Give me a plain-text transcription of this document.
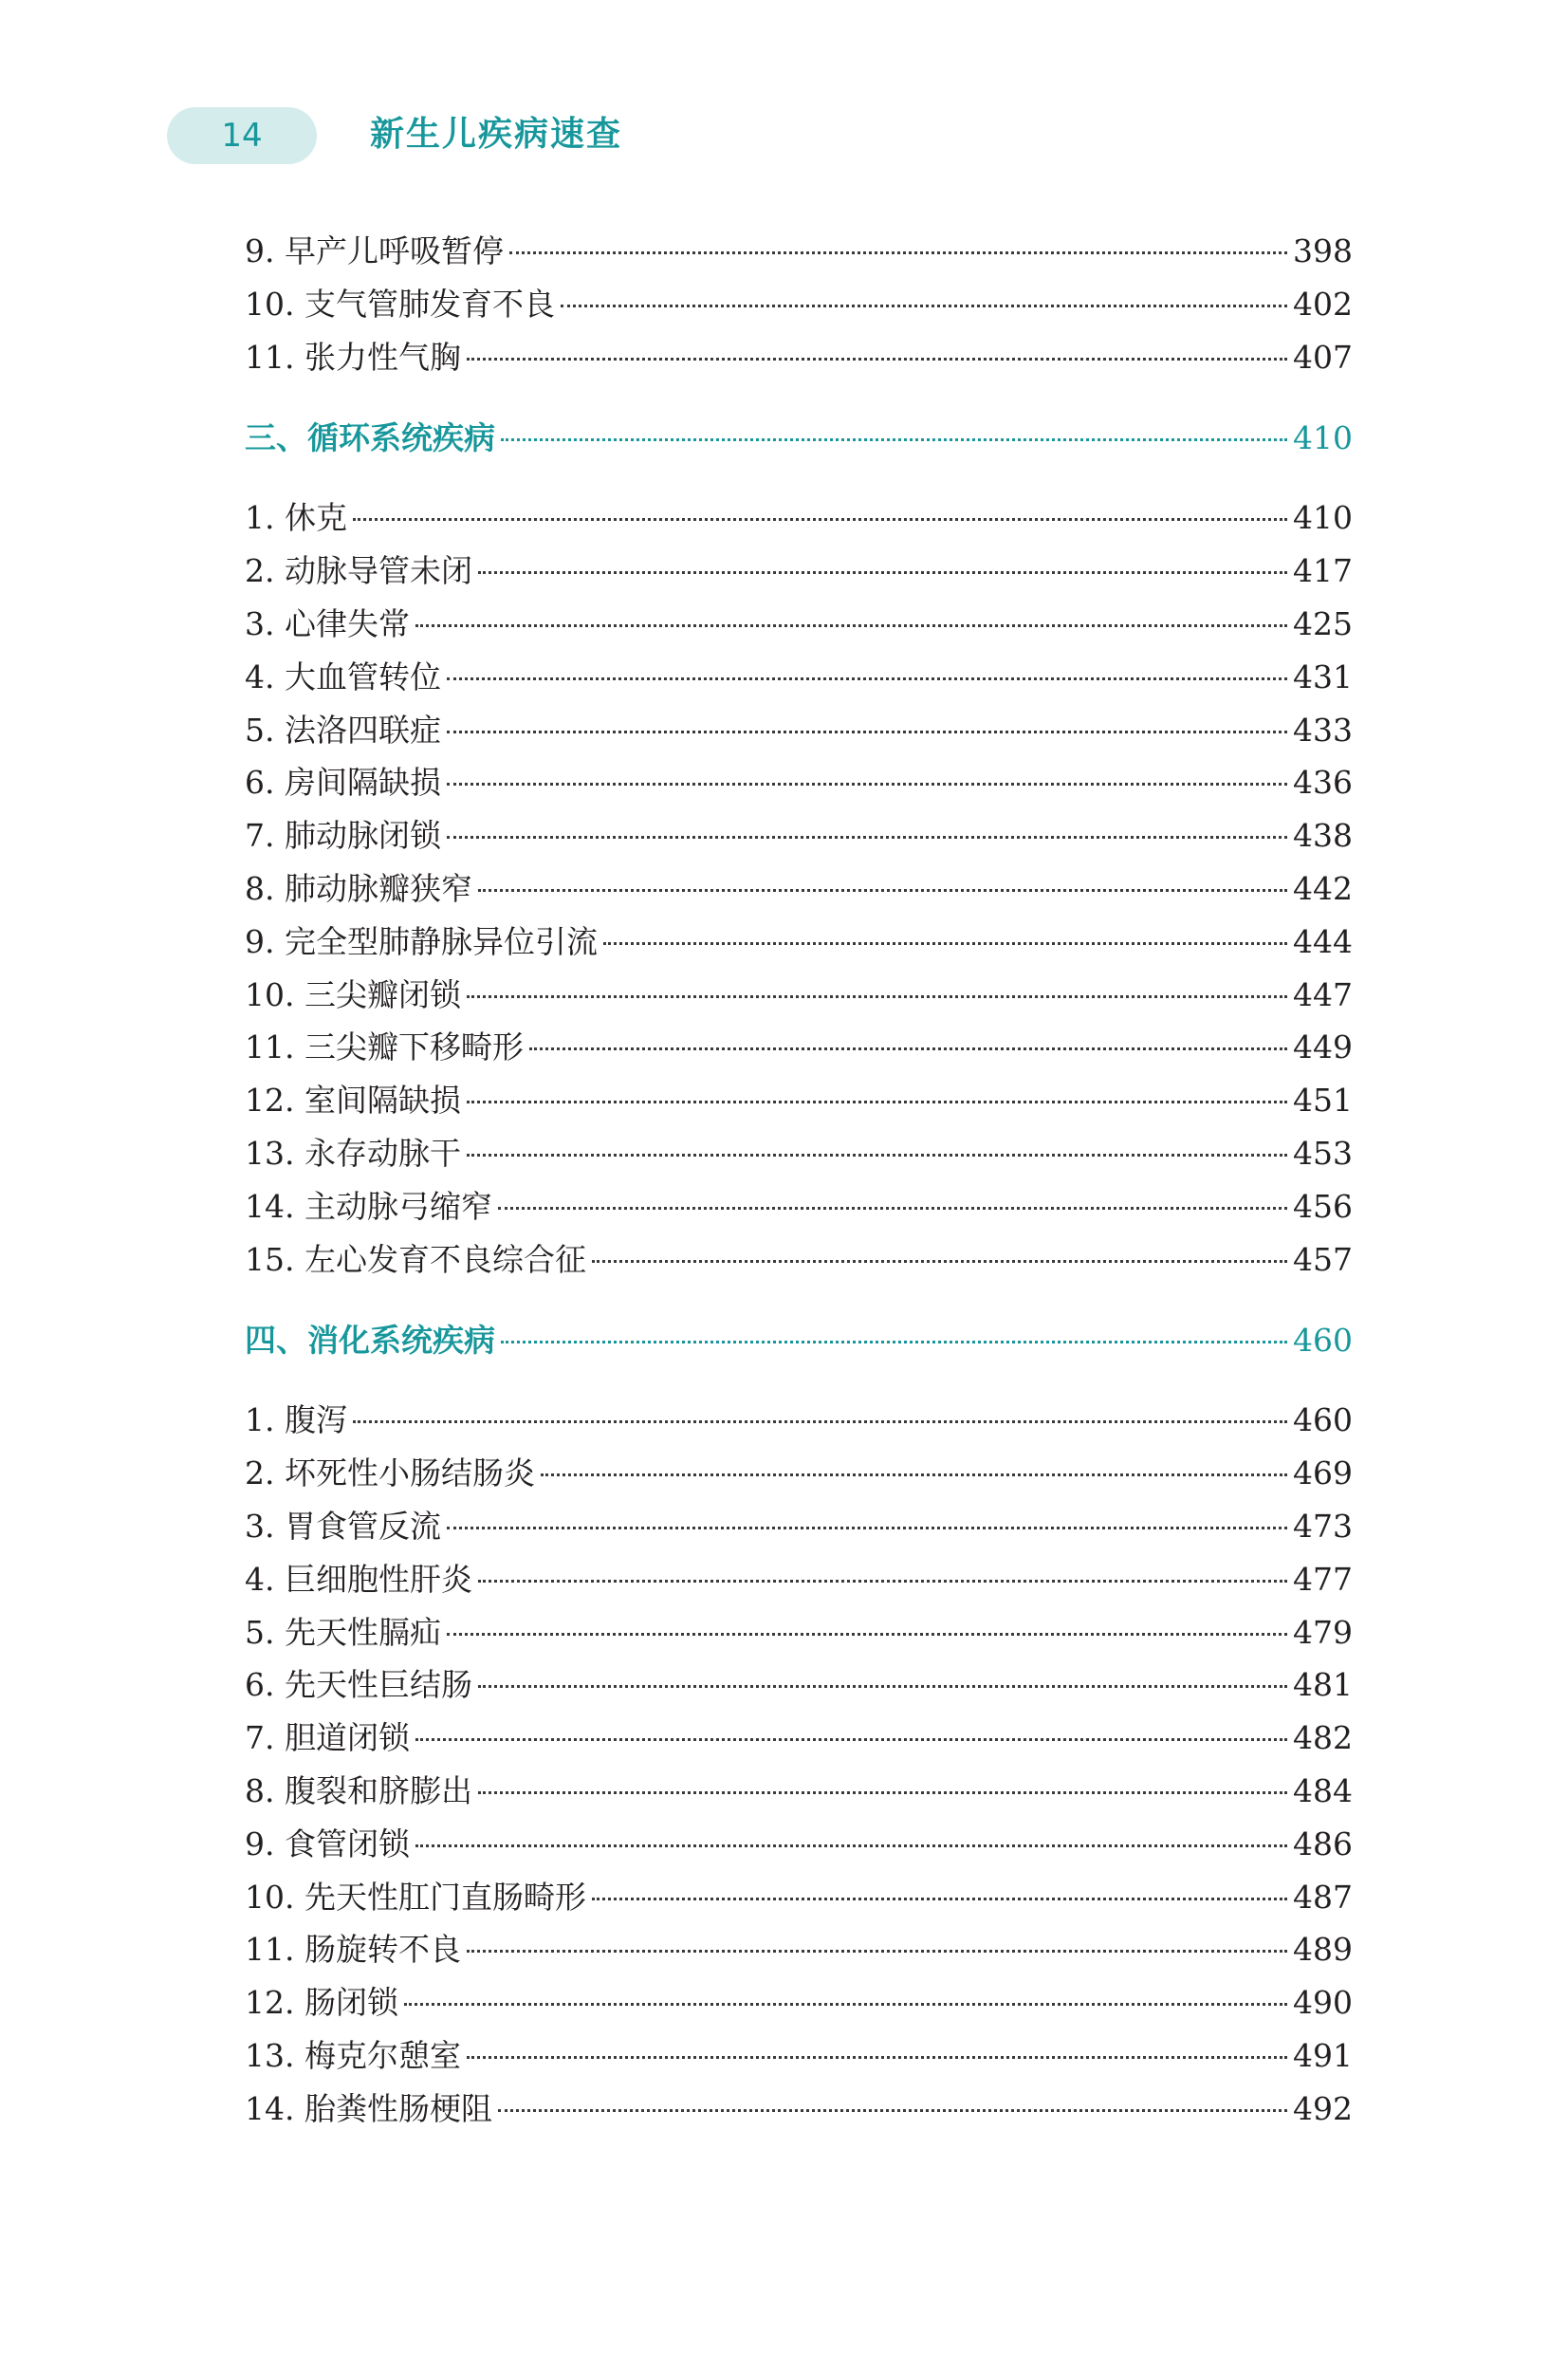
14	新生儿疾病速查
9. 早产儿呼吸暂停	398
10. 支气管肺发育不良	402
11. 张力性气胸	407
三、循环系统疾病	410
1. 休克	410
2. 动脉导管未闭	417
3. 心律失常	425
4. 大血管转位	431
5. 法洛四联症	433
6. 房间隔缺损	436
7. 肺动脉闭锁	438
8. 肺动脉瓣狭窄	442
9. 完全型肺静脉异位引流	444
10. 三尖瓣闭锁	447
11. 三尖瓣下移畸形	449
12. 室间隔缺损	451
13. 永存动脉干	453
14. 主动脉弓缩窄	456
15. 左心发育不良综合征	457
四、消化系统疾病	460
1. 腹泻	460
2. 坏死性小肠结肠炎	469
3. 胃食管反流	473
4. 巨细胞性肝炎	477
5. 先天性膈疝	479
6. 先天性巨结肠	481
7. 胆道闭锁	482
8. 腹裂和脐膨出	484
9. 食管闭锁	486
10. 先天性肛门直肠畸形	487
11. 肠旋转不良	489
12. 肠闭锁	490
13. 梅克尔憩室	491
14. 胎粪性肠梗阻	492
